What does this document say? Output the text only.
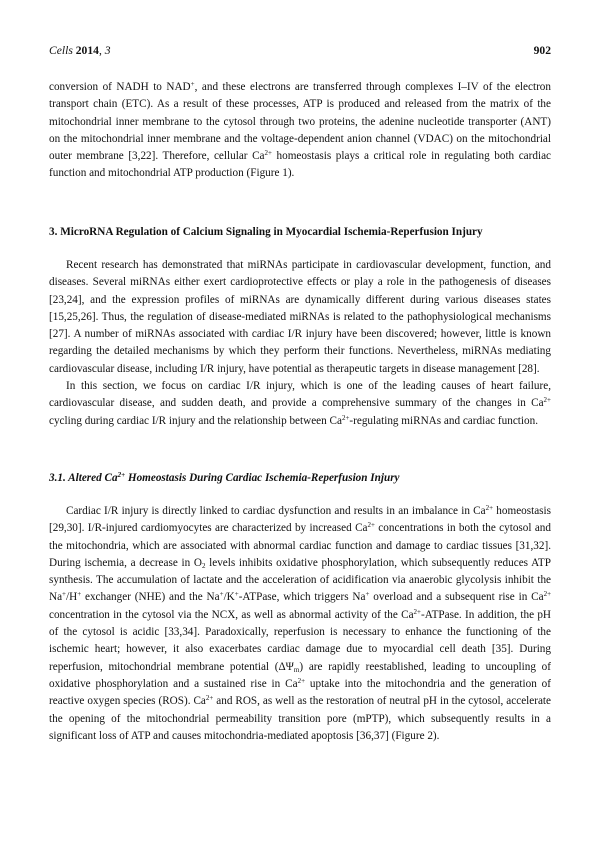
Cells 2014, 3	902

conversion of NADH to NAD+, and these electrons are transferred through complexes I–IV of the electron transport chain (ETC). As a result of these processes, ATP is produced and released from the matrix of the mitochondrial inner membrane to the cytosol through two proteins, the adenine nucleotide transporter (ANT) on the mitochondrial inner membrane and the voltage-dependent anion channel (VDAC) on the mitochondrial outer membrane [3,22]. Therefore, cellular $Ca^{2+}$ homeostasis plays a critical role in regulating both cardiac function and mitochondrial ATP production (Figure 1).

3. MicroRNA Regulation of Calcium Signaling in Myocardial Ischemia-Reperfusion Injury

Recent research has demonstrated that miRNAs participate in cardiovascular development, function, and diseases. Several miRNAs either exert cardioprotective effects or play a role in the pathogenesis of diseases [23,24], and the expression profiles of miRNAs are dynamically different during various diseases states [15,25,26]. Thus, the regulation of disease-mediated miRNAs is related to the pathophysiological mechanisms [27]. A number of miRNAs associated with cardiac I/R injury have been discovered; however, little is known regarding the detailed mechanisms by which they perform their functions. Nevertheless, miRNAs mediating cardiovascular disease, including I/R injury, have potential as therapeutic targets in disease management [28].

In this section, we focus on cardiac I/R injury, which is one of the leading causes of heart failure, cardiovascular disease, and sudden death, and provide a comprehensive summary of the changes in $Ca^{2+}$ cycling during cardiac I/R injury and the relationship between $Ca^{2+}$-regulating miRNAs and cardiac function.

3.1. Altered $Ca^{2+}$ Homeostasis During Cardiac Ischemia-Reperfusion Injury

Cardiac I/R injury is directly linked to cardiac dysfunction and results in an imbalance in $Ca^{2+}$ homeostasis [29,30]. I/R-injured cardiomyocytes are characterized by increased $Ca^{2+}$ concentrations in both the cytosol and the mitochondria, which are associated with abnormal cardiac function and damage to cardiac tissues [31,32]. During ischemia, a decrease in $O_2$ levels inhibits oxidative phosphorylation, which subsequently reduces ATP synthesis. The accumulation of lactate and the acceleration of acidification via anaerobic glycolysis inhibit the Na+/H+ exchanger (NHE) and the Na+/K+-ATPase, which triggers Na+ overload and a subsequent rise in $Ca^{2+}$ concentration in the cytosol via the NCX, as well as abnormal activity of the $Ca^{2+}$-ATPase. In addition, the pH of the cytosol is acidic [33,34]. Paradoxically, reperfusion is necessary to enhance the functioning of the ischemic heart; however, it also exacerbates cardiac damage due to myocardial cell death [35]. During reperfusion, mitochondrial membrane potential $(\Delta\Psi_m)$ are rapidly reestablished, leading to uncoupling of oxidative phosphorylation and a sustained rise in $Ca^{2+}$ uptake into the mitochondria and the generation of reactive oxygen species (ROS). $Ca^{2+}$ and ROS, as well as the restoration of neutral pH in the cytosol, accelerate the opening of the mitochondrial permeability transition pore (mPTP), which subsequently results in a significant loss of ATP and causes mitochondria-mediated apoptosis [36,37] (Figure 2).
